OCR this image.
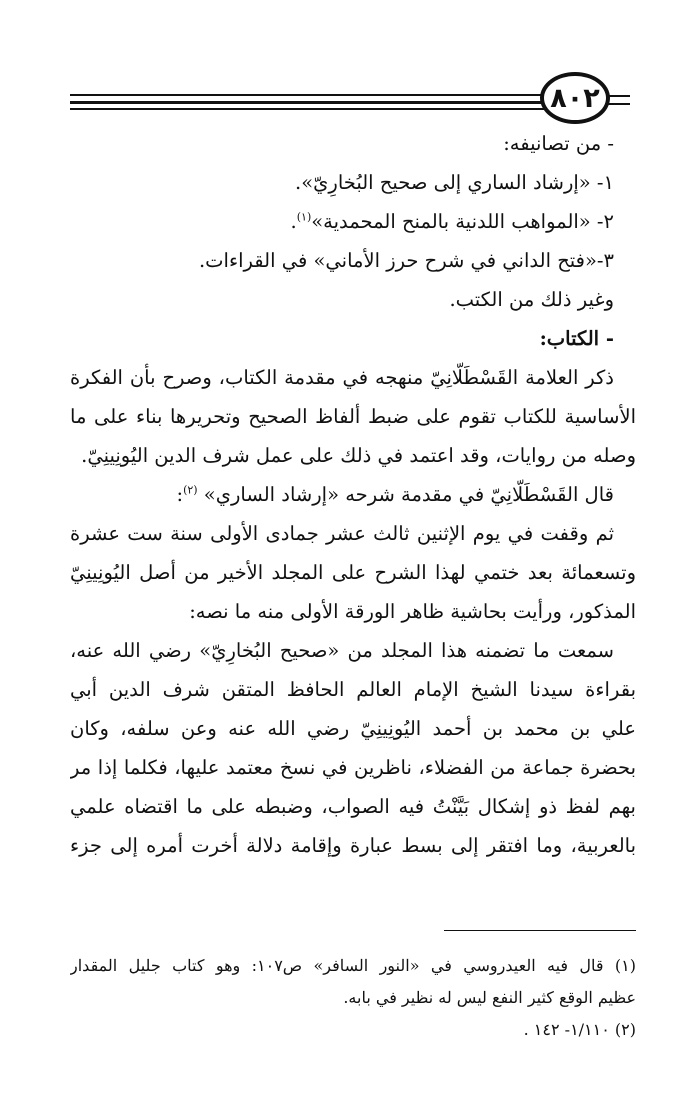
٨٠٢
- من تصانيفه:
١- «إرشاد الساري إلى صحيح البُخارِيّ».
٢- «المواهب اللدنية بالمنح المحمدية»$^{(١)}$.
٣-«فتح الداني في شرح حرز الأماني» في القراءات.
وغير ذلك من الكتب.
- الكتاب:
ذكر العلامة القَسْطَلّانِيّ منهجه في مقدمة الكتاب، وصرح بأن الفكرة
الأساسية للكتاب تقوم على ضبط ألفاظ الصحيح وتحريرها بناء على ما
وصله من روايات، وقد اعتمد في ذلك على عمل شرف الدين اليُونِينِيّ.
قال القَسْطَلّانِيّ في مقدمة شرحه «إرشاد الساري» $^{(٢)}$:
ثم وقفت في يوم الإثنين ثالث عشر جمادى الأولى سنة ست عشرة
وتسعمائة بعد ختمي لهذا الشرح على المجلد الأخير من أصل اليُونِينِيّ
المذكور، ورأيت بحاشية ظاهر الورقة الأولى منه ما نصه:
سمعت ما تضمنه هذا المجلد من «صحيح البُخارِيّ» رضي الله عنه،
بقراءة سيدنا الشيخ الإمام العالم الحافظ المتقن شرف الدين أبي
علي بن محمد بن أحمد اليُونِينِيّ رضي الله عنه وعن سلفه، وكان
بحضرة جماعة من الفضلاء، ناظرين في نسخ معتمد عليها، فكلما إذا مر
بهم لفظ ذو إشكال بَيَّنْتُ فيه الصواب، وضبطه على ما اقتضاه علمي
بالعربية، وما افتقر إلى بسط عبارة وإقامة دلالة أخرت أمره إلى جزء
(١) قال فيه العيدروسي في «النور السافر» ص١٠٧: وهو كتاب جليل المقدار
عظيم الوقع كثير النفع ليس له نظير في بابه.
(٢) ١/١١٠- ١٤٢ .
